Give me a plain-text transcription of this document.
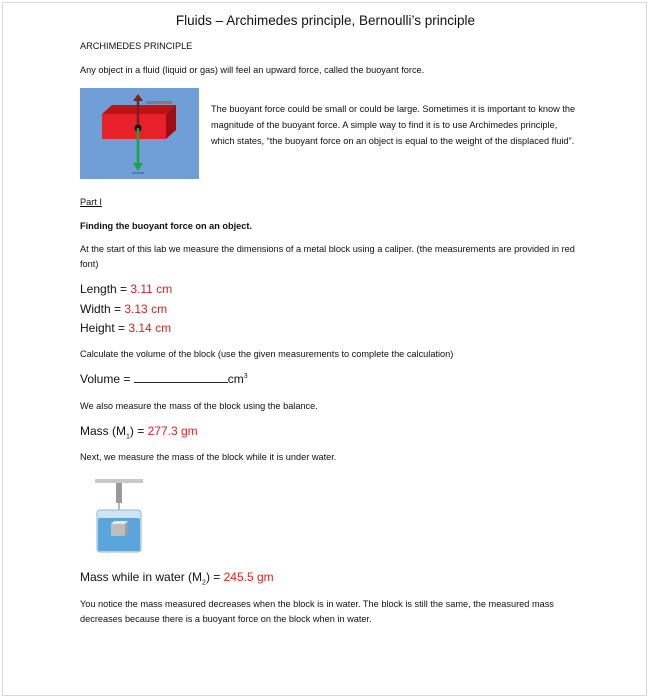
Fluids – Archimedes principle, Bernoulli’s principle
ARCHIMEDES PRINCIPLE
Any object in a fluid (liquid or gas) will feel an upward force, called the buoyant force.
The buoyant force could be small or could be large. Sometimes it is important to know the magnitude of the buoyant force. A simple way to find it is to use Archimedes principle, which states, “the buoyant force on an object is equal to the weight of the displaced fluid”.
Part I
Finding the buoyant force on an object.
At the start of this lab we measure the dimensions of a metal block using a caliper. (the measurements are provided in red font)
Length = 3.11 cm
Width = 3.13 cm
Height = 3.14 cm
Calculate the volume of the block (use the given measurements to complete the calculation)
Volume =	$cm^3$
We also measure the mass of the block using the balance.
Mass $(M_1) = 277.3$ gm
Next, we measure the mass of the block while it is under water.
Mass while in water $(M_2) = 245.5$ gm
You notice the mass measured decreases when the block is in water. The block is still the same, the measured mass decreases because there is a buoyant force on the block when in water.
